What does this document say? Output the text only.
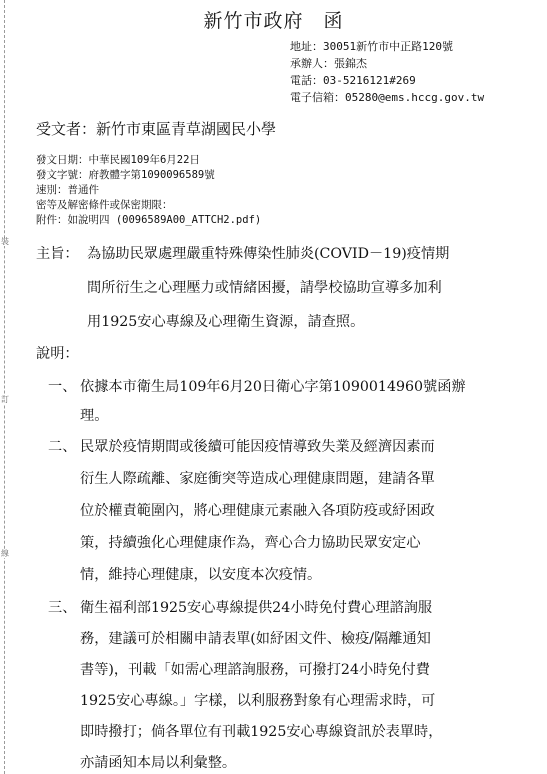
裝
訂
線
新竹市政府　函
地址：30051新竹市中正路120號
承辦人：張錦杰
電話：03-5216121#269
電子信箱：05280@ems.hccg.gov.tw
受文者：新竹市東區青草湖國民小學
發文日期：中華民國109年6月22日
發文字號：府教體字第1090096589號
速別：普通件
密等及解密條件或保密期限：
附件：如說明四 (0096589A00_ATTCH2.pdf)
主旨： 為協助民眾處理嚴重特殊傳染性肺炎(COVID－19)疫情期
間所衍生之心理壓力或情緒困擾，請學校協助宣導多加利
用1925安心專線及心理衛生資源，請查照。
說明：
一、 依據本市衛生局109年6月20日衛心字第1090014960號函辦
理。
二、 民眾於疫情期間或後續可能因疫情導致失業及經濟因素而
衍生人際疏離、家庭衝突等造成心理健康問題，建請各單
位於權責範圍內，將心理健康元素融入各項防疫或紓困政
策，持續強化心理健康作為，齊心合力協助民眾安定心
情，維持心理健康，以安度本次疫情。
三、 衛生福利部1925安心專線提供24小時免付費心理諮詢服
務，建議可於相關申請表單(如紓困文件、檢疫/隔離通知
書等)，刊載「如需心理諮詢服務，可撥打24小時免付費
1925安心專線。」字樣，以利服務對象有心理需求時，可
即時撥打；倘各單位有刊載1925安心專線資訊於表單時，
亦請函知本局以利彙整。
